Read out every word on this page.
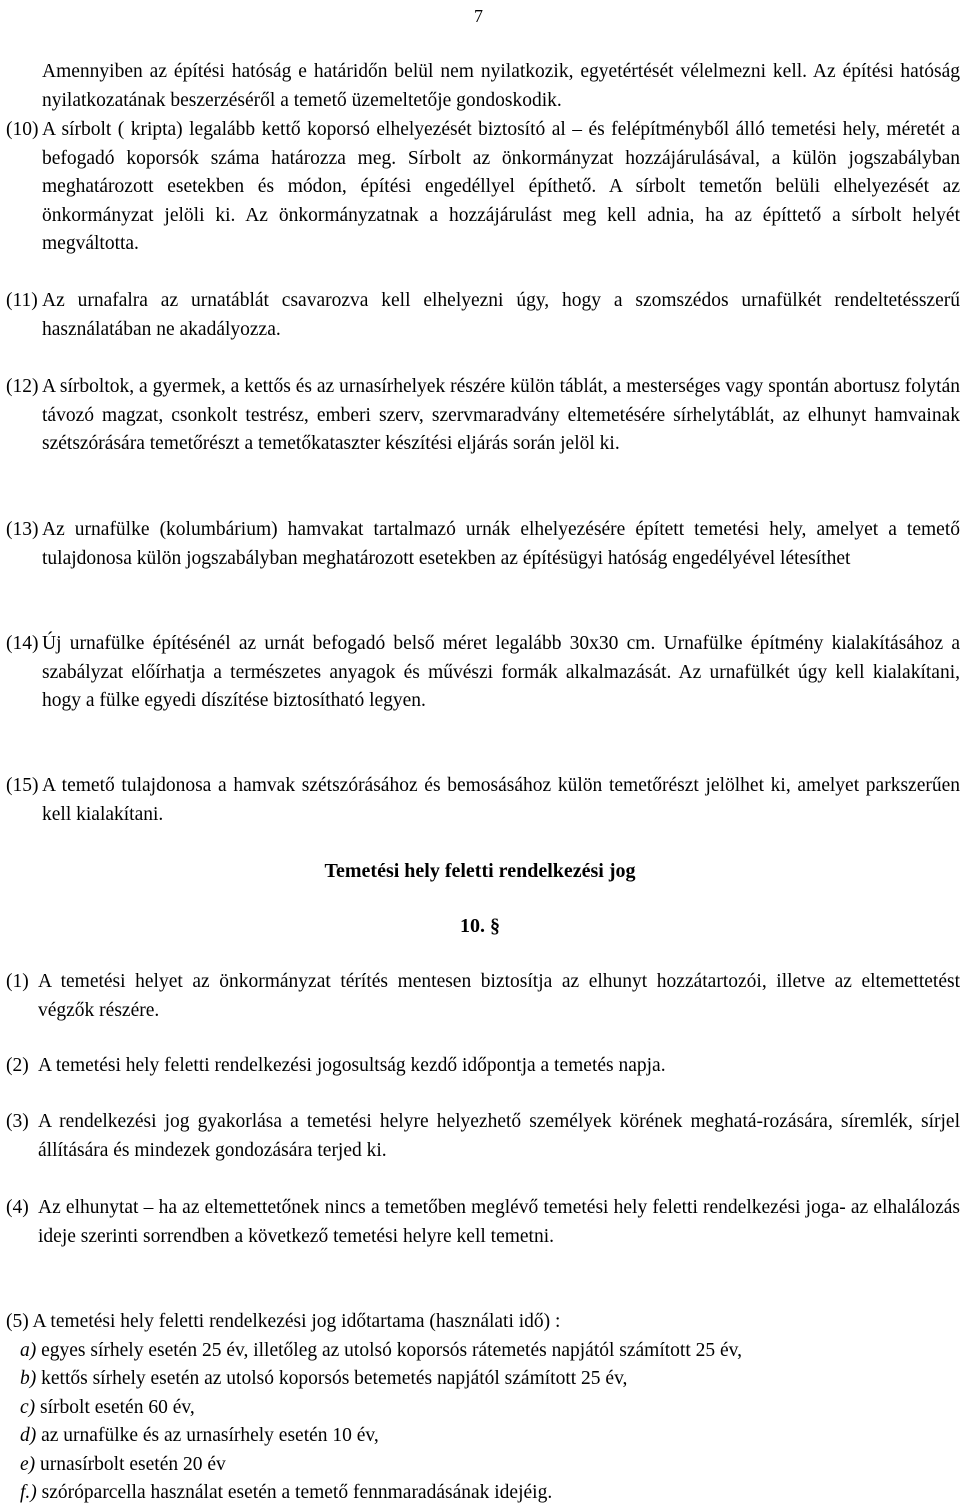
7

Amennyiben az építési hatóság e határidőn belül nem nyilatkozik, egyetértését vélelmezni kell. Az építési hatóság nyilatkozatának beszerzéséről a temető üzemeltetője gondoskodik.

(10) A sírbolt ( kripta) legalább kettő koporsó elhelyezését biztosító al – és felépítményből álló temetési hely, méretét a befogadó koporsók száma határozza meg. Sírbolt az önkormányzat hozzájárulásával, a külön jogszabályban meghatározott esetekben és módon, építési engedéllyel építhető. A sírbolt temetőn belüli elhelyezését az önkormányzat jelöli ki. Az önkormányzatnak a hozzájárulást meg kell adnia, ha az építtető a sírbolt helyét megváltotta.
(11) Az urnafalra az urnatáblát csavarozva kell elhelyezni úgy, hogy a szomszédos urnafülkét rendeltetésszerű használatában ne akadályozza.
(12) A sírboltok, a gyermek, a kettős és az urnasírhelyek részére külön táblát, a mesterséges vagy spontán abortusz folytán távozó magzat, csonkolt testrész, emberi szerv, szervmaradvány eltemetésére sírhelytáblát, az elhunyt hamvainak szétszórására temetőrészt a temetőkataszter készítési eljárás során jelöl ki.
(13) Az urnafülke (kolumbárium) hamvakat tartalmazó urnák elhelyezésére épített temetési hely, amelyet a temető tulajdonosa külön jogszabályban meghatározott esetekben az építésügyi hatóság engedélyével létesíthet
(14) Új urnafülke építésénél az urnát befogadó belső méret legalább 30x30 cm. Urnafülke építmény kialakításához a szabályzat előírhatja a természetes anyagok és művészi formák alkalmazását. Az urnafülkét úgy kell kialakítani, hogy a fülke egyedi díszítése biztosítható legyen.
(15) A temető tulajdonosa a hamvak szétszórásához és bemosásához külön temetőrészt jelölhet ki, amelyet parkszerűen kell kialakítani.
Temetési hely feletti rendelkezési jog
10. §
(1) A temetési helyet az önkormányzat térítés mentesen biztosítja az elhunyt hozzátartozói, illetve az eltemettetést végzők részére.
(2) A temetési hely feletti rendelkezési jogosultság kezdő időpontja a temetés napja.
(3) A rendelkezési jog gyakorlása a temetési helyre helyezhető személyek körének meghatá-rozására, síremlék, sírjel állítására és mindezek gondozására terjed ki.
(4) Az elhunytat – ha az eltemettetőnek nincs a temetőben meglévő temetési hely feletti rendelkezési joga- az elhalálozás ideje szerinti sorrendben a következő temetési helyre kell temetni.

(5) A temetési hely feletti rendelkezési jog időtartama (használati idő) :

a) egyes sírhely esetén 25 év, illetőleg az utolsó koporsós rátemetés napjától számított 25 év,

b) kettős sírhely esetén az utolsó koporsós betemetés napjától számított 25 év,

c) sírbolt esetén 60 év,

d) az urnafülke és az urnasírhely esetén 10 év,

e) urnasírbolt esetén 20 év

f.) szóróparcella használat esetén a temető fennmaradásának idejéig.
